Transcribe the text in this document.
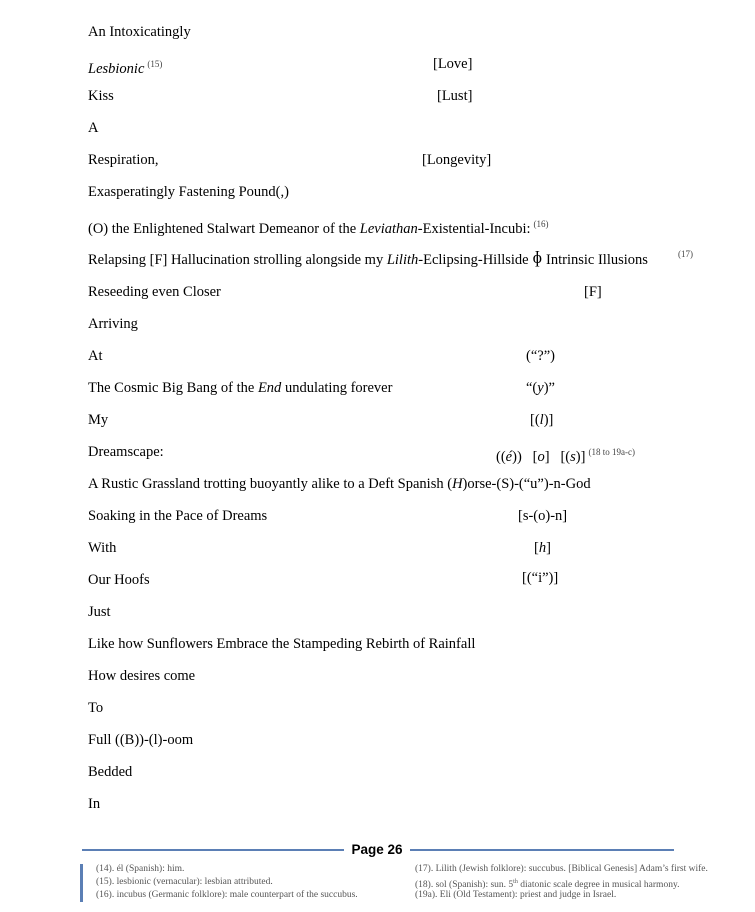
An Intoxicatingly
Lesbionic $^{(15)}$	[Love]
Kiss	[Lust]
A
Respiration,	[Longevity]
Exasperatingly Fastening Pound(,)
(O) the Enlightened Stalwart Demeanor of the Leviathan-Existential-Incubi: $^{(16)}$
Relapsing [F] Hallucination strolling alongside my Lilith-Eclipsing-Hillside ɸ Intrinsic Illusions	(17)
Reseeding even Closer	[F]
Arriving
At	(“?”)
The Cosmic Big Bang of the End undulating forever	“(y)”
My	[(l)]
Dreamscape:	((é)) [o] [(s)] $^{(18 to 19a-c)}$
A Rustic Grassland trotting buoyantly alike to a Deft Spanish (H)orse-(S)-(“u”)-n-God
Soaking in the Pace of Dreams	[s-(o)-n]
With	[h]
Our Hoofs	[(“i”)]
Just
Like how Sunflowers Embrace the Stampeding Rebirth of Rainfall
How desires come
To
Full ((B))-(l)-oom
Bedded
In
Page 26
(14). él (Spanish): him.
(15). lesbionic (vernacular): lesbian attributed.
(16). incubus (Germanic folklore): male counterpart of the succubus.
(17). Lilith (Jewish folklore): succubus. [Biblical Genesis] Adam’s first wife.
(18). sol (Spanish): sun. 5th diatonic scale degree in musical harmony.
(19a). Eli (Old Testament): priest and judge in Israel.
